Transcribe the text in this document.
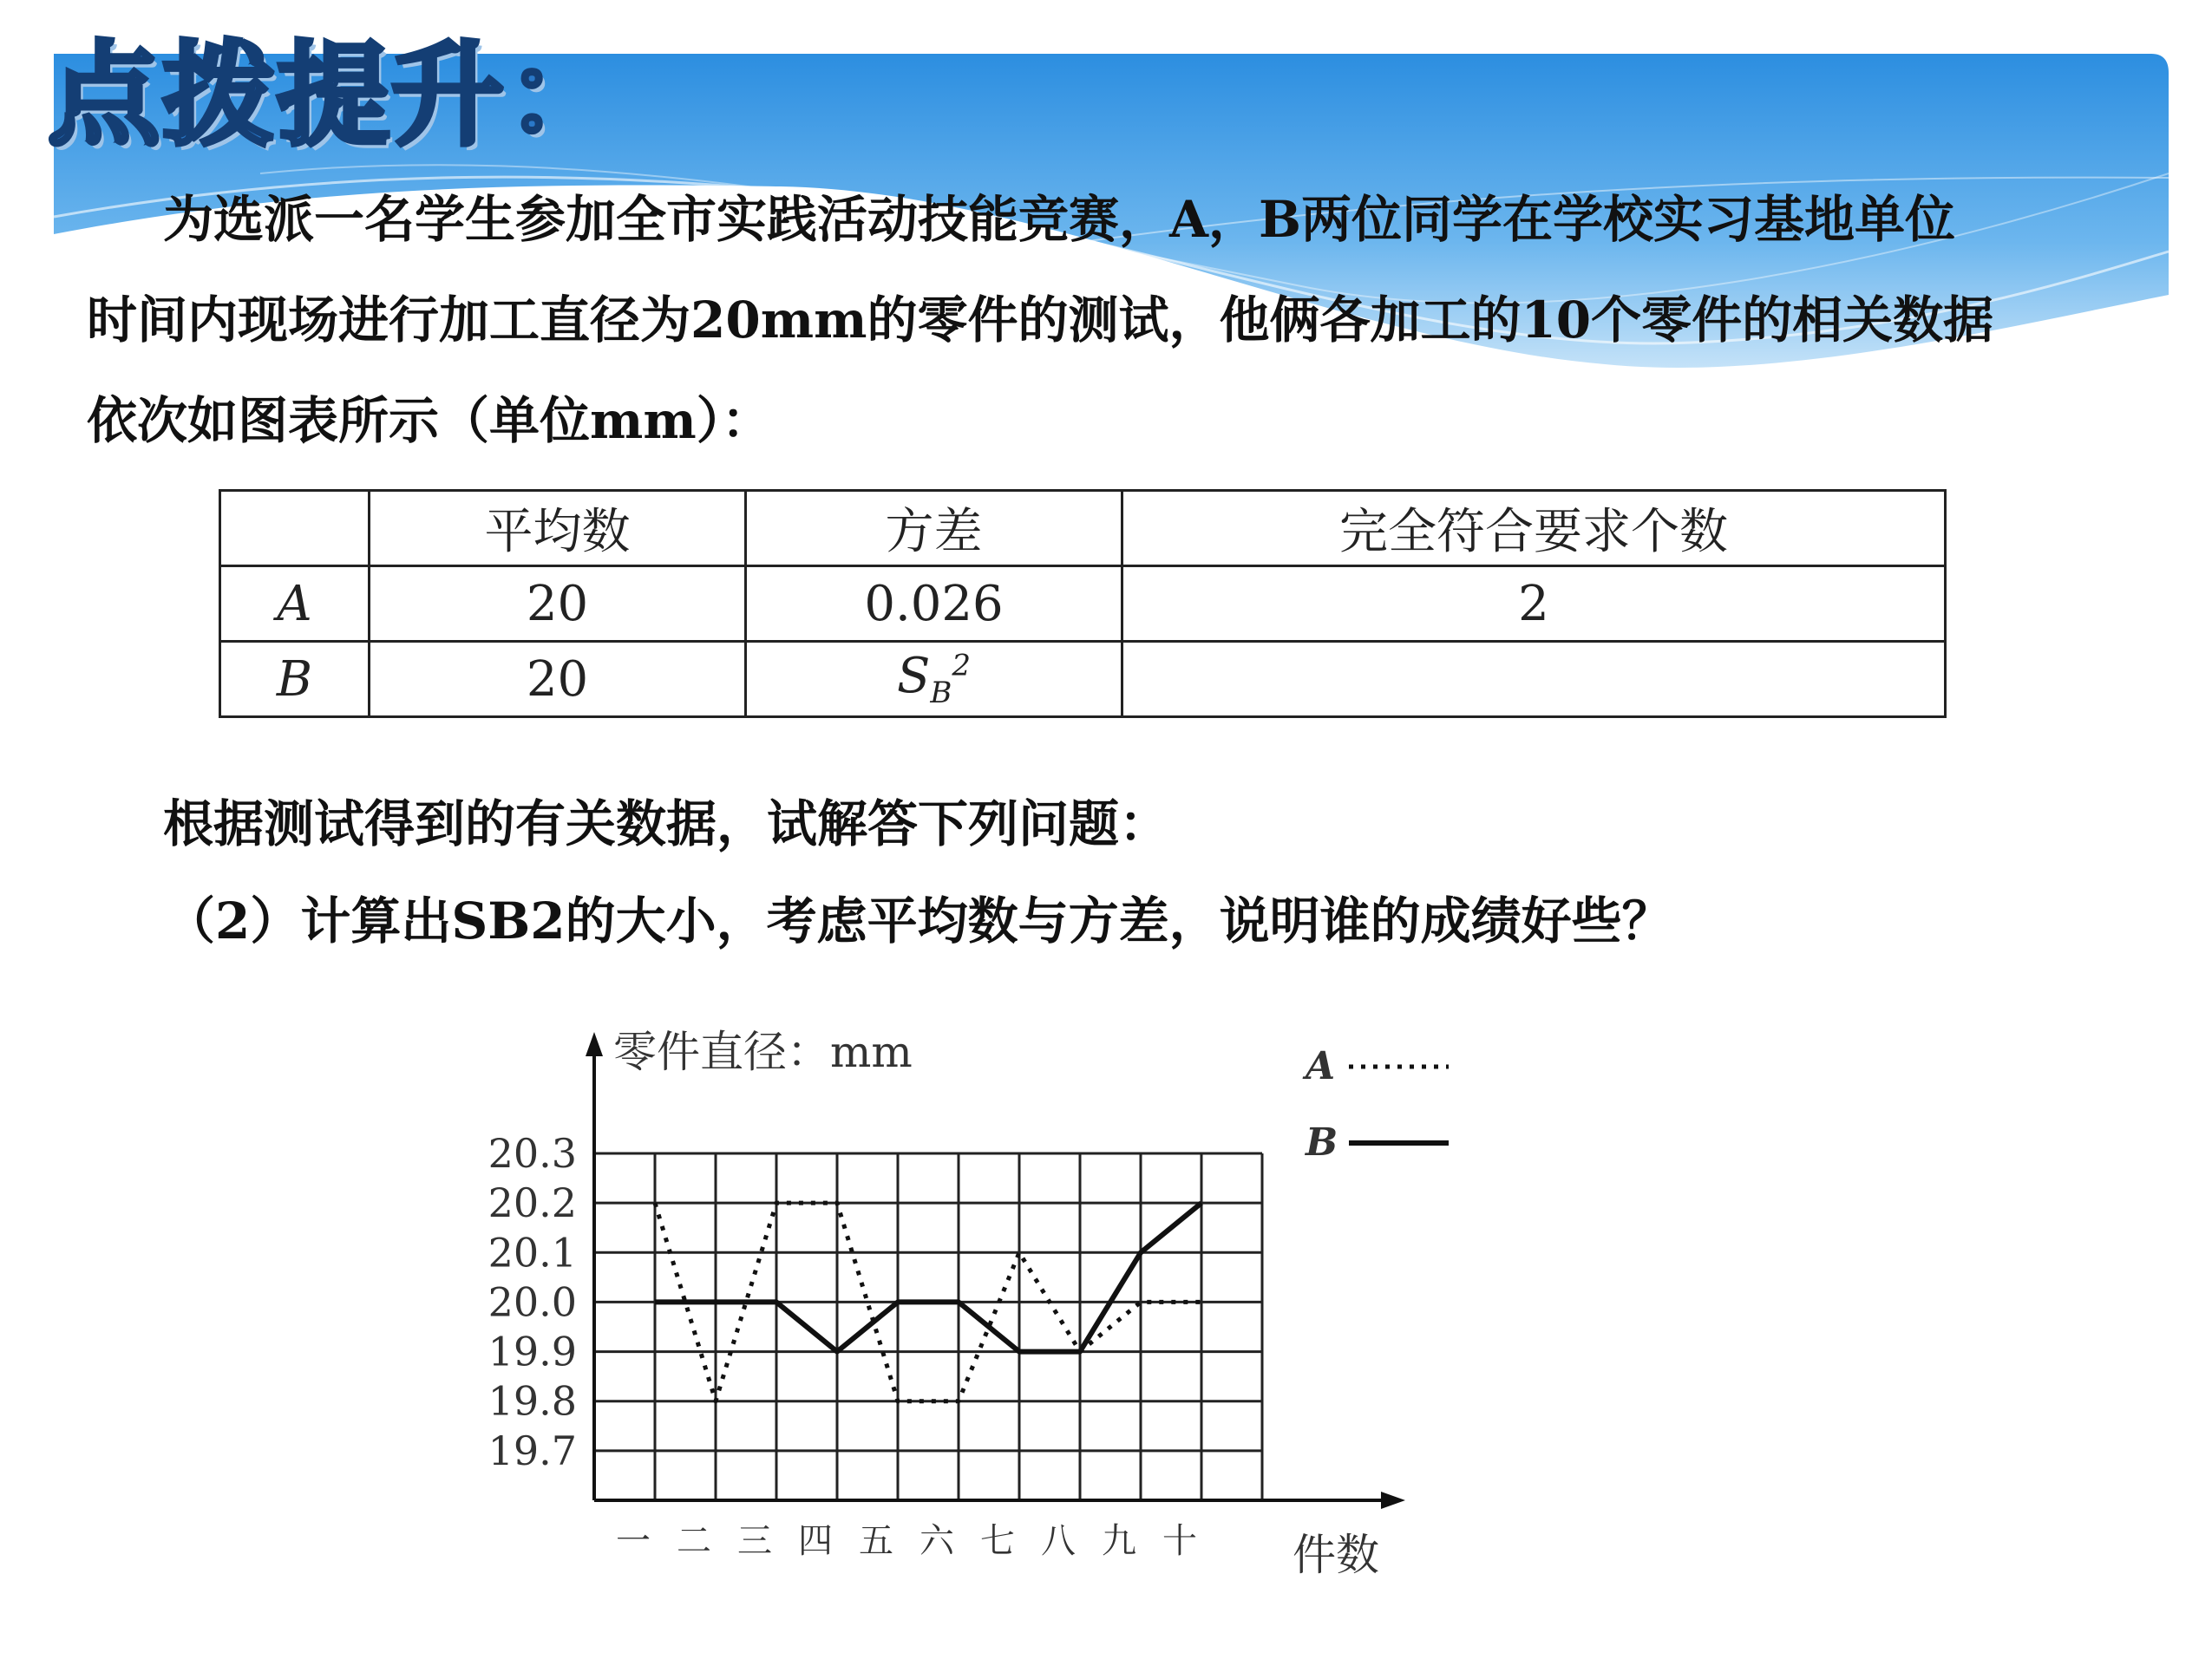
点拨提升：
为选派一名学生参加全市实践活动技能竞赛，A，B两位同学在学校实习基地单位
时间内现场进行加工直径为20mm的零件的测试，他俩各加工的10个零件的相关数据
依次如图表所示（单位mm）：
	平均数	方差	完全符合要求个数
A	20	0.026	2
B	20	$S_B^2$	
根据测试得到的有关数据，试解答下列问题：
（2）计算出SB2的大小，考虑平均数与方差，说明谁的成绩好些？
20.3
20.2
20.1
20.0
19.9
19.8
19.7
一 二 三 四 五 六 七 八 九 十
零件直径：mm
件数
A
B
